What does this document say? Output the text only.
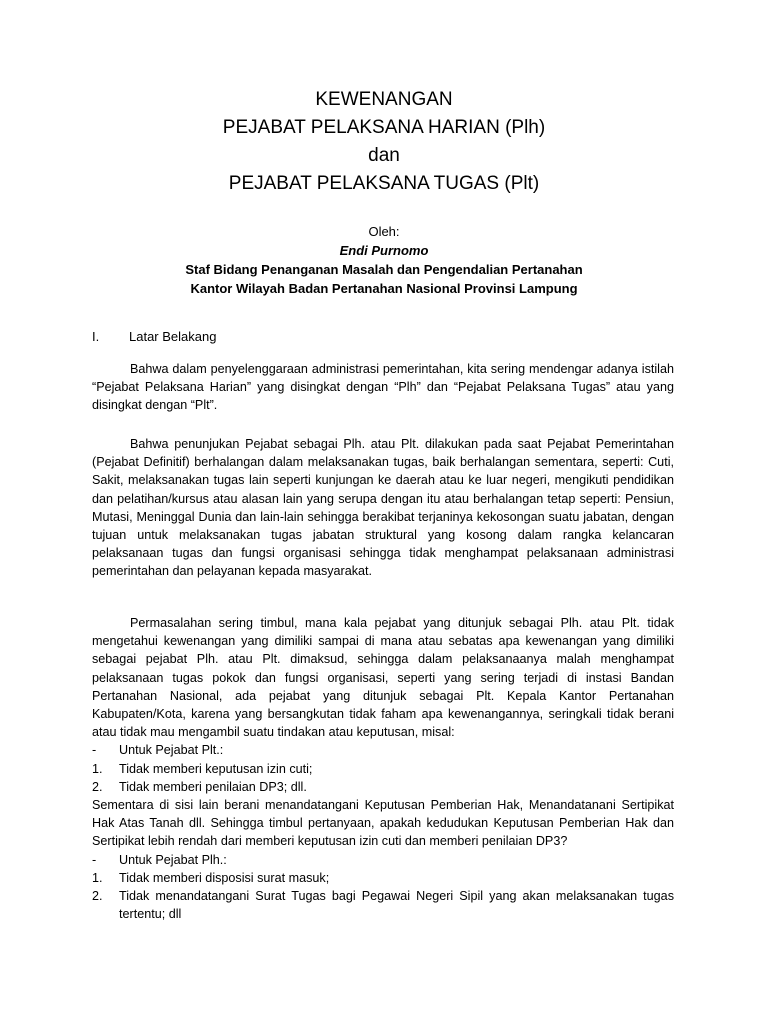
KEWENANGAN

PEJABAT PELAKSANA HARIAN (Plh)

dan

PEJABAT PELAKSANA TUGAS (Plt)

Oleh:

Endi Purnomo

Staf Bidang Penanganan Masalah dan Pengendalian Pertanahan

Kantor Wilayah Badan Pertanahan Nasional Provinsi Lampung

I.	Latar Belakang
Bahwa dalam penyelenggaraan administrasi pemerintahan, kita sering mendengar adanya istilah “Pejabat Pelaksana Harian” yang disingkat dengan “Plh” dan “Pejabat Pelaksana Tugas” atau yang disingkat dengan “Plt”.
Bahwa penunjukan Pejabat sebagai Plh. atau Plt. dilakukan pada saat Pejabat Pemerintahan (Pejabat Definitif) berhalangan dalam melaksanakan tugas, baik berhalangan sementara, seperti: Cuti, Sakit, melaksanakan tugas lain seperti kunjungan ke daerah atau ke luar negeri, mengikuti pendidikan dan pelatihan/kursus atau alasan lain yang serupa dengan itu atau berhalangan tetap seperti: Pensiun, Mutasi, Meninggal Dunia dan lain-lain sehingga berakibat terjaninya kekosongan suatu jabatan, dengan tujuan untuk melaksanakan tugas jabatan struktural yang kosong dalam rangka kelancaran pelaksanaan tugas dan fungsi organisasi sehingga tidak menghampat pelaksanaan administrasi pemerintahan dan pelayanan kepada masyarakat.
Permasalahan sering timbul, mana kala pejabat yang ditunjuk sebagai Plh. atau Plt. tidak mengetahui kewenangan yang dimiliki sampai di mana atau sebatas apa kewenangan yang dimiliki sebagai pejabat Plh. atau Plt. dimaksud, sehingga dalam pelaksanaanya malah menghampat pelaksanaan tugas pokok dan fungsi organisasi, seperti yang sering terjadi di instasi Bandan Pertanahan Nasional, ada pejabat yang ditunjuk sebagai Plt. Kepala Kantor Pertanahan Kabupaten/Kota, karena yang bersangkutan tidak faham apa kewenangannya, seringkali tidak berani atau tidak mau mengambil suatu tindakan atau keputusan, misal:
-	Untuk Pejabat Plt.:
1.	Tidak memberi keputusan izin cuti;
2.	Tidak memberi penilaian DP3; dll.
Sementara di sisi lain berani menandatangani Keputusan Pemberian Hak, Menandatanani Sertipikat Hak Atas Tanah dll. Sehingga timbul pertanyaan, apakah kedudukan Keputusan Pemberian Hak dan Sertipikat lebih rendah dari memberi keputusan izin cuti dan memberi penilaian DP3?
-	Untuk Pejabat Plh.:
1.	Tidak memberi disposisi surat masuk;
2.	Tidak menandatangani Surat Tugas bagi Pegawai Negeri Sipil yang akan melaksanakan tugas tertentu; dll
